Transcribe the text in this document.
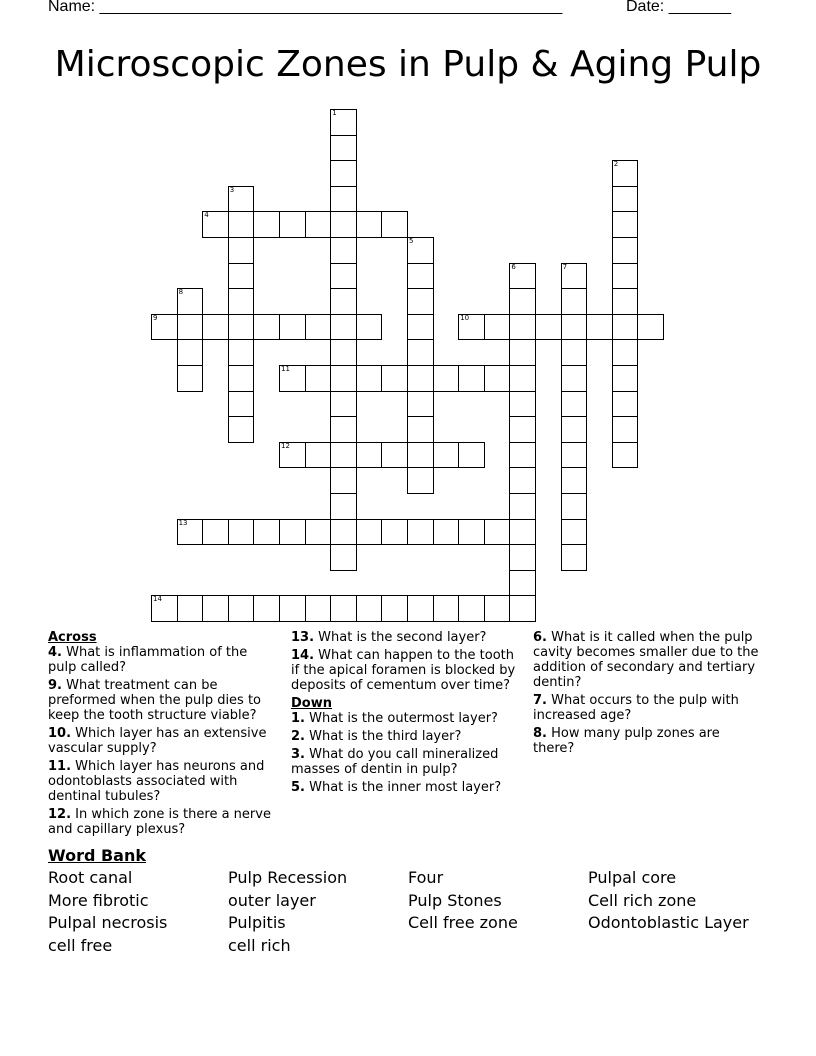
Name: ____________________________________________________	Date: _______
Microscopic Zones in Pulp & Aging Pulp
1
2
3
4
5
6	7
8
9	10
11
12
13
14
Across
4. What is inflammation of the pulp called?
9. What treatment can be preformed when the pulp dies to keep the tooth structure viable?
10. Which layer has an extensive vascular supply?
11. Which layer has neurons and odontoblasts associated with dentinal tubules?
12. In which zone is there a nerve and capillary plexus?
13. What is the second layer?
14. What can happen to the tooth if the apical foramen is blocked by deposits of cementum over time?
Down
1. What is the outermost layer?
2. What is the third layer?
3. What do you call mineralized masses of dentin in pulp?
5. What is the inner most layer?
6. What is it called when the pulp cavity becomes smaller due to the addition of secondary and tertiary dentin?
7. What occurs to the pulp with increased age?
8. How many pulp zones are there?
Word Bank
Root canal	Pulp Recession	Four	Pulpal core
More fibrotic	outer layer	Pulp Stones	Cell rich zone
Pulpal necrosis	Pulpitis	Cell free zone	Odontoblastic Layer
cell free	cell rich
